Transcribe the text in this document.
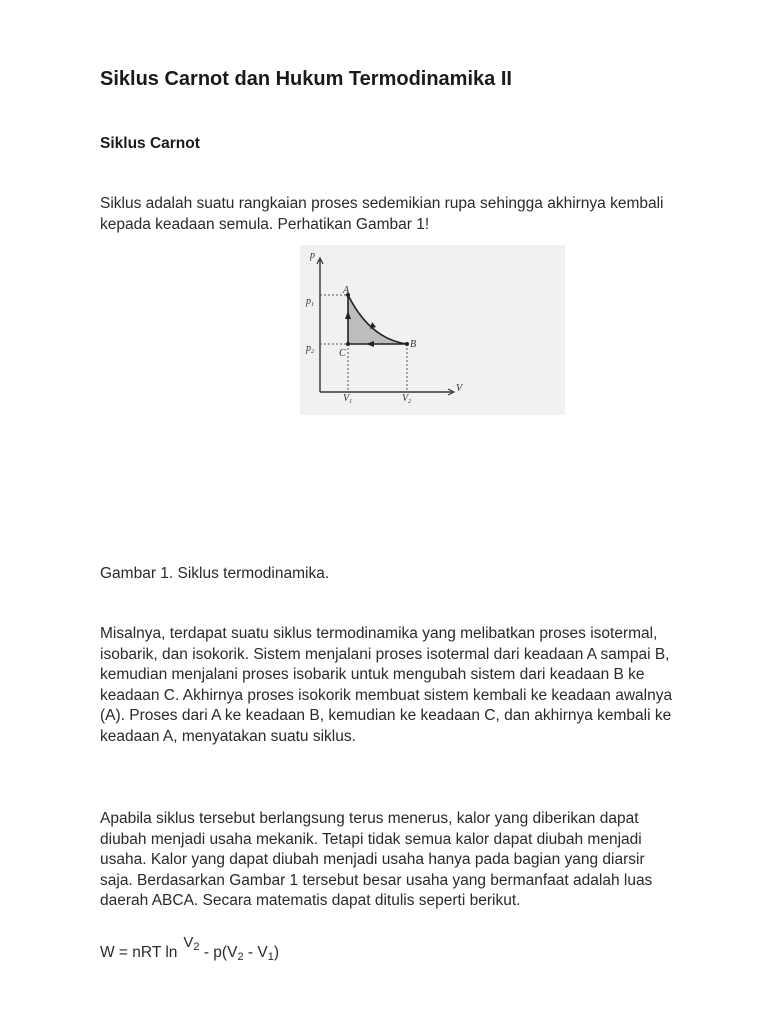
Siklus Carnot dan Hukum Termodinamika II
Siklus Carnot

Siklus adalah suatu rangkaian proses sedemikian rupa sehingga akhirnya kembali kepada keadaan semula. Perhatikan Gambar 1!

p
V
A
B
C
$p_1$
$p_2$
$V_1$	$V_2$

Gambar 1. Siklus termodinamika.

Misalnya, terdapat suatu siklus termodinamika yang melibatkan proses isotermal, isobarik, dan isokorik. Sistem menjalani proses isotermal dari keadaan A sampai B, kemudian menjalani proses isobarik untuk mengubah sistem dari keadaan B ke keadaan C. Akhirnya proses isokorik membuat sistem kembali ke keadaan awalnya (A). Proses dari A ke keadaan B, kemudian ke keadaan C, dan akhirnya kembali ke keadaan A, menyatakan suatu siklus.

Apabila siklus tersebut berlangsung terus menerus, kalor yang diberikan dapat diubah menjadi usaha mekanik. Tetapi tidak semua kalor dapat diubah menjadi usaha. Kalor yang dapat diubah menjadi usaha hanya pada bagian yang diarsir saja. Berdasarkan Gambar 1 tersebut besar usaha yang bermanfaat adalah luas daerah ABCA. Secara matematis dapat ditulis seperti berikut.

W = nRT $\ln V_2 - p(V_2 - V_1)$
